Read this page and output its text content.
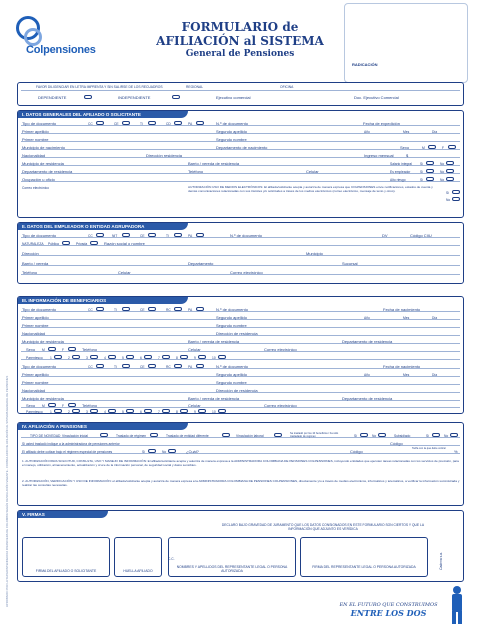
Colpensiones
FORMULARIO de AFILIACIÓN al SISTEMA
General de Pensiones
RADICACIÓN
APROBADO POR LA SUPERINTENDENCIA FINANCIERA DE COLOMBIA SEGÚN RESOLUCIÓN VIGENTE - FORMULARIO DE AFILIACIÓN AL SISTEMA GENERAL DE PENSIONES
FAVOR DILIGENCIAR EN LETRA IMPRENTA Y SIN SALIRSE DE LOS RECUADROS	REGIONAL	OFICINA
DEPENDIENTE	INDEPENDIENTE	Ejecutivo comercial	Doc. Ejecutivo Comercial
I. DATOS GENERALES DEL AFILIADO O SOLICITANTE
Tipo de documento	CC	CE	TI	CD	PA	N.º de documento	Fecha de expedición
Primer apellido	Segundo apellido	Año	Mes	Día
Primer nombre	Segundo nombre
Municipio de nacimiento	Departamento de nacimiento	Sexo	M	F
Nacionalidad	Dirección residencia	Ingreso mensual	$
Municipio de residencia	Barrio / vereda de residencia	Salario integral Sí	No
Departamento de residencia	Teléfono	Celular	Es empleador	Sí	No
Ocupación u oficio	Alto riesgo	Sí	No
Correo electrónico	AUTORIZACIÓN USO DE MEDIOS ELECTRÓNICOS: El afiliado/solicitante acepta y autoriza de manera expresa que COLPENSIONES envíe notificaciones, estados de cuenta y demás comunicaciones relacionadas con sus trámites y/o solicitudes a través de los medios electrónicos (correo electrónico, mensaje de texto y otros).	Sí
No
II. DATOS DEL EMPLEADOR O ENTIDAD AGRUPADORA
Tipo de documento	CC	NIT	CE	TI	PA	N.º de documento	DV	Código CIIU
NATURALEZA Pública	Privada	Razón social o nombre
Dirección	Municipio
Barrio / vereda	Departamento	Sucursal
Teléfono	Celular	Correo electrónico
III. INFORMACIÓN DE BENEFICIARIOS
Tipo de documento	CC	TI	CE	RC	PA	N.º de documento	Fecha de nacimiento
Primer apellido	Segundo apellido	Año	Mes	Día
Primer nombre	Segundo nombre
Nacionalidad	Dirección de residencia
Municipio de residencia	Barrio / vereda de residencia	Departamento de residencia
Sexo M	F	Teléfono	Celular	Correo electrónico
Parentesco 1	2	3	4	5	6	7	8	9	10
Tipo de documento	CC	TI	CE	RC	PA	N.º de documento	Fecha de nacimiento
Primer apellido	Segundo apellido	Año	Mes	Día
Primer nombre	Segundo nombre
Nacionalidad	Dirección de residencia
Municipio de residencia	Barrio / vereda de residencia	Departamento de residencia
Sexo M	F	Teléfono	Celular	Correo electrónico
Parentesco 1	2	3	4	5	6	7	8	9	10
IV. AFILIACIÓN A PENSIONES
TIPO DE NOVEDAD Vinculación inicial	Traslado de régimen	Traslado de entidad diferente	Vinculación laboral
Se trasladó por los 10 beneficios / ha sido trasladado de régimen	Sí	No	Subsidiado	Sí	No
Si usted trasladó indique a la administradora de pensiones anterior	Código
El afiliado debe cotizar bajo el régimen especial de pensiones	Sí	No	¿Cuál?	Código
Tarifa con la que debe cotizar
%
1. AUTORIZACIÓN PARA SOLICITUD, CONSULTA, USO Y MANEJO DE INFORMACIÓN: El afiliado/solicitante acepta y autoriza de manera expresa a la ADMINISTRADORA COLOMBIANA DE PENSIONES COLPENSIONES, incluyendo entidades que ejecuten tareas relacionadas con los servicios de previsión, para el manejo, utilización, almacenamiento, actualización y cruce de la información personal, de seguridad social y datos sensibles.
2. AUTORIZACIÓN, VERIFICACIÓN Y USO DE INFORMACIÓN: el afiliado/solicitante acepta y autoriza de manera expresa a la ADMINISTRADORA COLOMBIANA DE PENSIONES COLPENSIONES, directamente y/o a través de medios electrónicos, informáticos y telemáticos, a verificar la información suministrada y realizar las consultas necesarias.
V. FIRMAS
DECLARO BAJO GRAVEDAD DE JURAMENTO QUE LOS DATOS CONSIGNADOS EN ESTE FORMULARIO SON CIERTOS Y QUE LA INFORMACIÓN QUE ADJUNTO ES VERÍDICA
FIRMA DEL AFILIADO O SOLICITANTE	HUELLA AFILIADO
NOMBRES Y APELLIDOS DEL REPRESENTANTE LEGAL O PERSONA AUTORIZADA
FIRMA DEL REPRESENTANTE LEGAL O PERSONA AUTORIZADA
C.C.	Cadena s.a.
EN EL FUTURO QUE CONSTRUIMOS
ENTRE LOS DOS
